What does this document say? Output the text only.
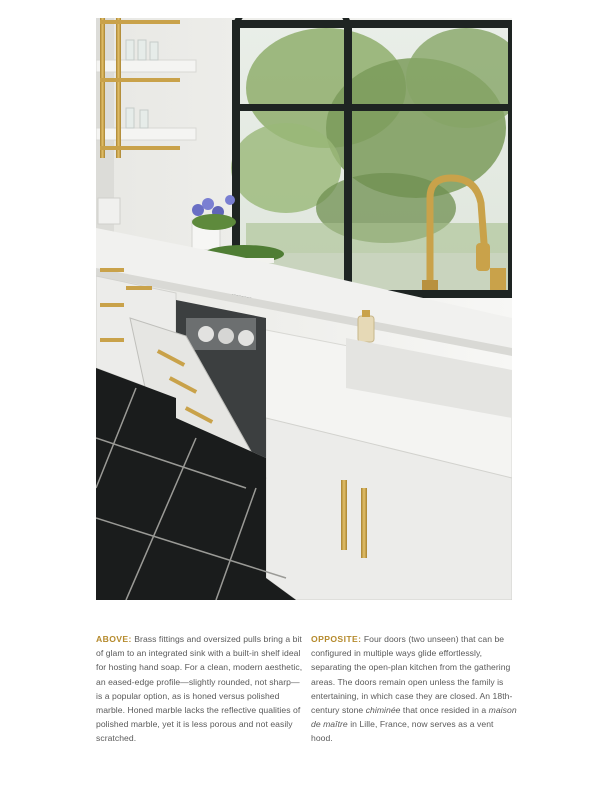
ABOVE: Brass fittings and oversized pulls bring a bit of glam to an integrated sink with a built-in shelf ideal for hosting hand soap. For a clean, modern aesthetic, an eased-edge profile—slightly rounded, not sharp—is a popular option, as is honed versus polished marble. Honed marble lacks the reflective qualities of polished marble, yet it is less porous and not easily scratched.
OPPOSITE: Four doors (two unseen) that can be configured in multiple ways glide effortlessly, separating the open-plan kitchen from the gathering areas. The doors remain open unless the family is entertaining, in which case they are closed. An 18th-century stone chiminée that once resided in a maison de maître in Lille, France, now serves as a vent hood.
